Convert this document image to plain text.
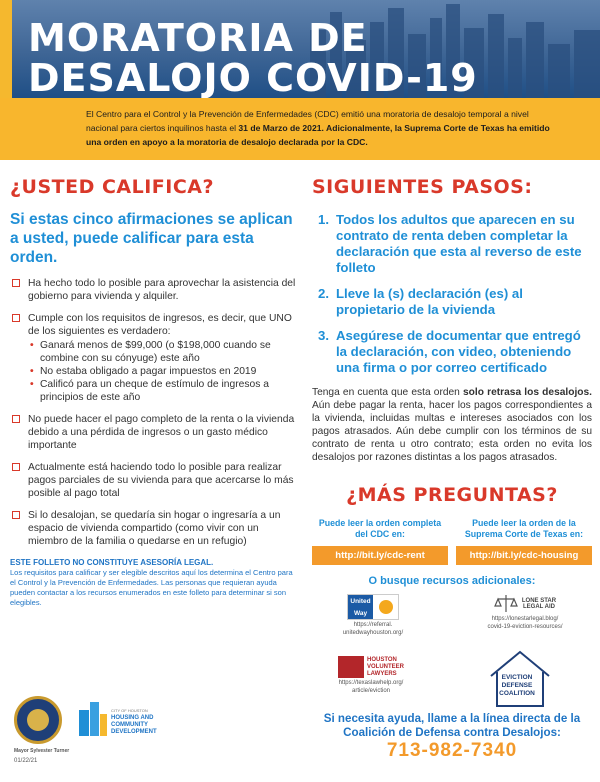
MORATORIA DE
DESALOJO COVID-19
El Centro para el Control y la Prevención de Enfermedades (CDC) emitió una moratoria de desalojo temporal a nivel nacional para ciertos inquilinos hasta el 31 de Marzo de 2021. Adicionalmente, la Suprema Corte de Texas ha emitido una orden en apoyo a la moratoria de desalojo declarada por la CDC.
¿USTED CALIFICA?
Si estas cinco afirmaciones se aplican a usted, puede calificar para esta orden.
Ha hecho todo lo posible para aprovechar la asistencia del gobierno para vivienda y alquiler.
Cumple con los requisitos de ingresos, es decir, que UNO de los siguientes es verdadero:
• Ganará menos de $99,000 (o $198,000 cuando se combine con su cónyuge) este año
• No estaba obligado a pagar impuestos en 2019
• Calificó para un cheque de estímulo de ingresos a principios de este año
No puede hacer el pago completo de la renta o la vivienda debido a una pérdida de ingresos o un gasto médico importante
Actualmente está haciendo todo lo posible para realizar pagos parciales de su vivienda para que acercarse lo más posible al pago total
Si lo desalojan, se quedaría sin hogar o ingresaría a un espacio de vivienda compartido (como vivir con un miembro de la familia o quedarse en un refugio)
ESTE FOLLETO NO CONSTITUYE ASESORÍA LEGAL.
Los requisitos para calificar y ser elegible descritos aquí los determina el Centro para el Control y la Prevención de Enfermedades. Las personas que requieran ayuda pueden contactar a los recursos enumerados en este folleto para determinar si son elegibles.
SIGUIENTES PASOS:
1. Todos los adultos que aparecen en su contrato de renta deben completar la declaración que esta al reverso de este folleto
2. Lleve la (s) declaración (es) al propietario de la vivienda
3. Asegúrese de documentar que entregó la declaración, con video, obteniendo una firma o por correo certificado

Tenga en cuenta que esta orden solo retrasa los desalojos. Aún debe pagar la renta, hacer los pagos correspondientes a la vivienda, incluidas multas e intereses asociados con los pagos atrasados. Aún debe cumplir con los términos de su contrato de renta u otro contrato; esta orden no evita los desalojos por razones distintas a los pagos atrasados.

¿MÁS PREGUNTAS?
Puede leer la orden completa del CDC en:
http://bit.ly/cdc-rent
Puede leer la orden de la Suprema Corte de Texas en:
http://bit.ly/cdc-housing
O busque recursos adicionales:
United Way
https://referral.
unitedwayhouston.org/
LONE STAR
LEGAL AID
https://lonestarlegal.blog/
covid-19-eviction-resources/
HOUSTON
VOLUNTEER
LAWYERS
https://texaslawhelp.org/
article/eviction
EVICTION
DEFENSE
COALITION
Si necesita ayuda, llame a la línea directa de la Coalición de Defensa contra Desalojos:
713-982-7340
CITY OF HOUSTON
HOUSING AND
COMMUNITY
DEVELOPMENT
Mayor Sylvester Turner
01/22/21
